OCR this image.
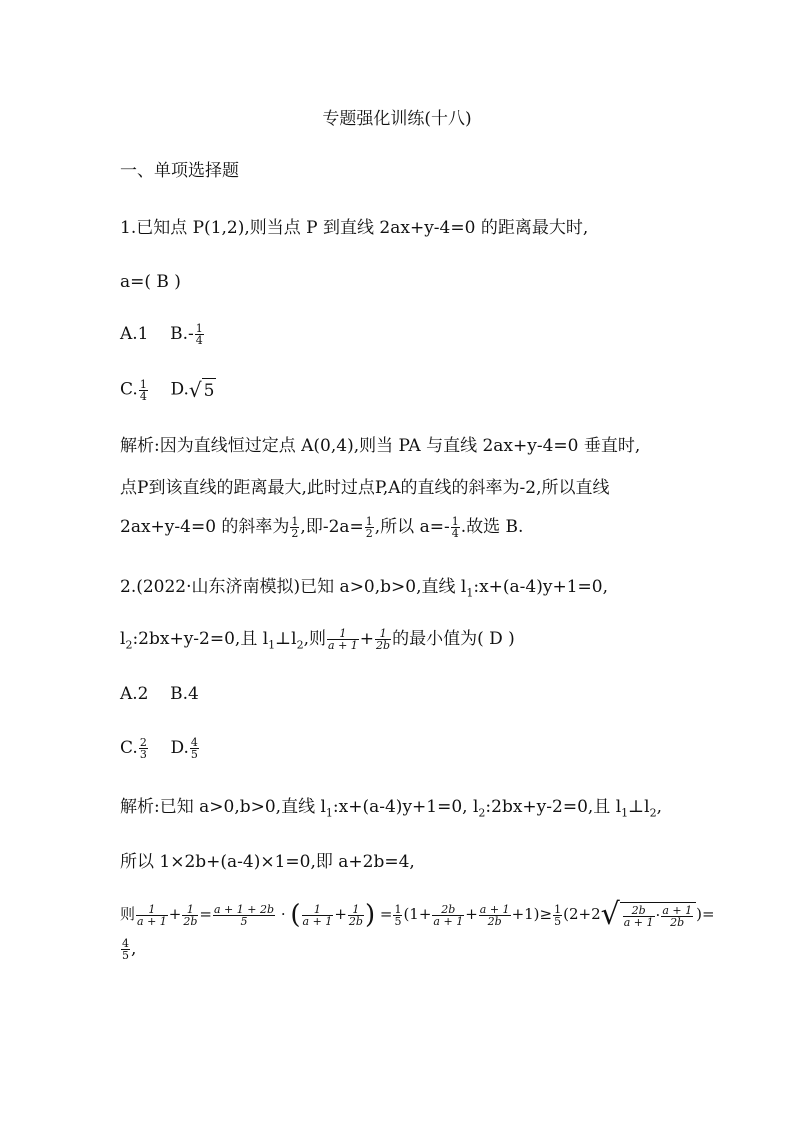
专题强化训练(十八)
一、单项选择题
1.已知点 P(1,2),则当点 P 到直线 2ax+y-4=0 的距离最大时,
a=( B )
A.1 $B.- \frac{1}{4}$
C. $\frac{1}{4} D.√$ 5
解析:因为直线恒过定点 A(0,4),则当 PA 与直线 2ax+y-4=0 垂直时,
点P到该直线的距离最大,此时过点P,A的直线的斜率为-2,所以直线
2ax+y-4=0 的斜率为 $\frac{1}{2}$ ,即$-2a= \frac{1}{2}$ ,所以 $a=- \frac{1}{4}$ .故选 B.
2.(2022·山东济南模拟)已知 a>0,b>0,直线 $l_1:x+(a-4)y+1=0$,
$l_2:2bx+y-2=0$,且 $l_1\perp l_2$,则 $\frac{1}{a + 1} + \frac{1}{2b}$ 的最小值为( D )
A.2 B.4
C. $\frac{2}{3} D$. $\frac{4}{5}$
解析:已知 a>0,b>0,直线 $l_1:x+(a-4)y+1=0$, $l_2:2bx+y-2=0$,且 $l_1\perp l_2$,
所以 1×2b+(a-4)×1=0,即 a+2b=4,
则 $\frac{1}{a + 1} + \frac{1}{2b} = \frac{a + 1 + 2b}{5}$ · ( $\frac{1}{a + 1} + \frac{1}{2b}$ ) = $\frac{1}{5} (1+ \frac{2b}{a + 1} + \frac{a + 1}{2b} +1)\ge \frac{1}{5} (2+2√ \frac{2b}{a + 1} \cdot \frac{a + 1}{2b}$ )=
$\frac{4}{5}$ ,
